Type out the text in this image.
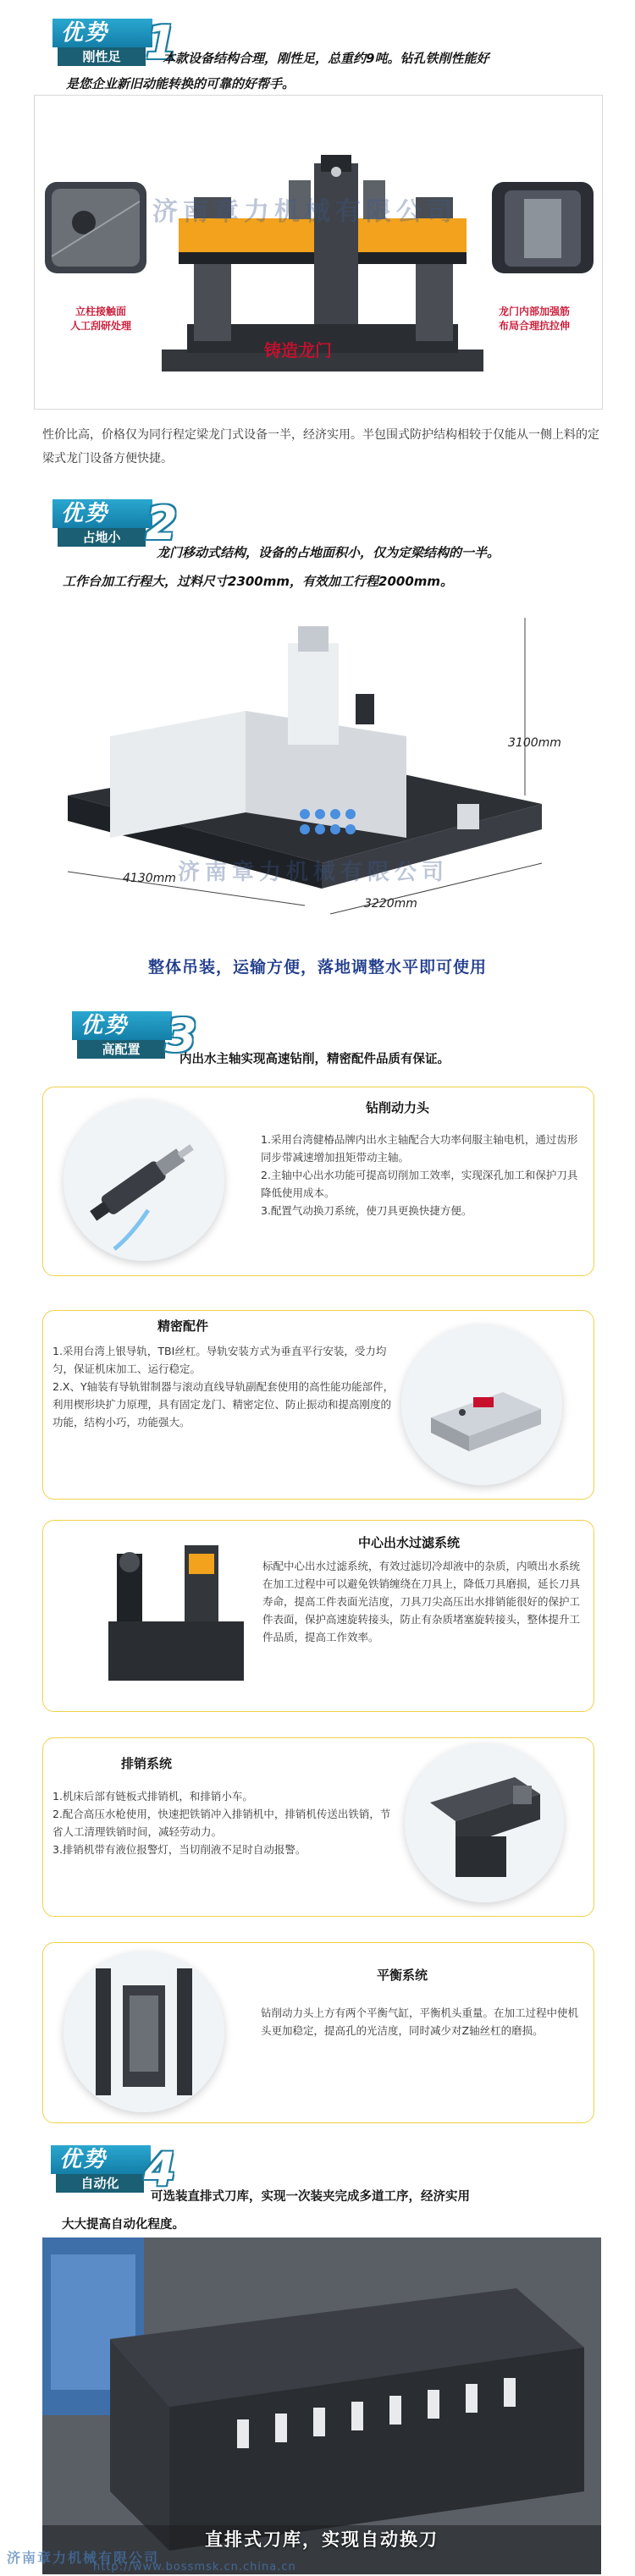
优势
刚性足 1
本款设备结构合理，刚性足，总重约9吨。钻孔铁削性能好
是您企业新旧动能转换的可靠的好帮手。
济南章力机械有限公司
立柱接触面
人工刮研处理
铸造龙门
龙门内部加强筋
布局合理抗拉伸
性价比高，价格仅为同行程定梁龙门式设备一半，经济实用。半包围式防护结构相较于仅能从一侧上料的定梁式龙门设备方便快捷。
优势
占地小 2
龙门移动式结构，设备的占地面积小，仅为定梁结构的一半。
工作台加工行程大，过料尺寸2300mm，有效加工行程2000mm。
3100mm
4130mm
3220mm
济南章力机械有限公司
整体吊装，运输方便，落地调整水平即可使用
优势
高配置 3
内出水主轴实现高速钻削，精密配件品质有保证。
钻削动力头
1.采用台湾健椿品牌内出水主轴配合大功率伺服主轴电机，通过齿形同步带减速增加扭矩带动主轴。
2.主轴中心出水功能可提高切削加工效率，实现深孔加工和保护刀具降低使用成本。
3.配置气动换刀系统，使刀具更换快捷方便。
精密配件
1.采用台湾上银导轨，TBI丝杠。导轨安装方式为垂直平行安装，受力均匀，保证机床加工、运行稳定。
2.X、Y轴装有导轨钳制器与滚动直线导轨副配套使用的高性能功能部件，利用楔形块扩力原理，具有固定龙门、精密定位、防止振动和提高刚度的功能，结构小巧，功能强大。
中心出水过滤系统
标配中心出水过滤系统，有效过滤切冷却液中的杂质，内喷出水系统在加工过程中可以避免铁销缠绕在刀具上，降低刀具磨损，延长刀具寿命，提高工件表面光洁度，刀具刀尖高压出水排销能很好的保护工件表面，保护高速旋转接头，防止有杂质堵塞旋转接头，整体提升工件品质，提高工作效率。
排销系统
1.机床后部有链板式排销机，和排销小车。
2.配合高压水枪使用，快速把铁销冲入排销机中，排销机传送出铁销，节省人工清理铁销时间，减轻劳动力。
3.排销机带有液位报警灯，当切削液不足时自动报警。
平衡系统
钻削动力头上方有两个平衡气缸，平衡机头重量。在加工过程中使机头更加稳定，提高孔的光洁度，同时减少对Z轴丝杠的磨损。
优势
自动化 4
可选装直排式刀库，实现一次装夹完成多道工序，经济实用
大大提高自动化程度。
直排式刀库，实现自动换刀
济南章力机械有限公司
http://www.bossmsk.cn.china.cn
